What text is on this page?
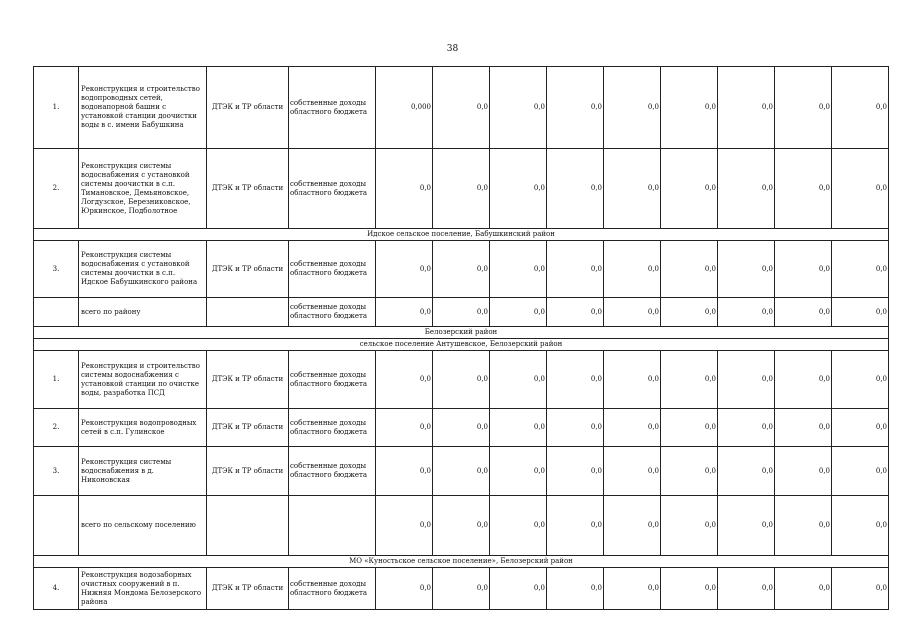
38
1.	Реконструкция и строительство водопроводных сетей, водонапорной башни с установкой станции доочистки воды в с. имени Бабушкина	ДТЭК и ТР области	собственные доходы областного бюджета	0,000	0,0	0,0	0,0	0,0	0,0	0,0	0,0	0,0
2.	Реконструкция системы водоснабжения с установкой системы доочистки в с.п. Тимановское, Демьяновское, Логдузское, Березниковское, Юркинское, Подболотное	ДТЭК и ТР области	собственные доходы областного бюджета	0,0	0,0	0,0	0,0	0,0	0,0	0,0	0,0	0,0
Идское сельское поселение, Бабушкинский район												
3.	Реконструкция системы водоснабжения с установкой системы доочистки в с.п. Идское Бабушкинского района	ДТЭК и ТР области	собственные доходы областного бюджета	0,0	0,0	0,0	0,0	0,0	0,0	0,0	0,0	0,0
	всего по району		собственные доходы областного бюджета	0,0	0,0	0,0	0,0	0,0	0,0	0,0	0,0	0,0
Белозерский район												
сельское поселение Антушевское, Белозерский район												
1.	Реконструкция и строительство системы водоснабжения с установкой станции по очистке воды, разработка ПСД	ДТЭК и ТР области	собственные доходы областного бюджета	0,0	0,0	0,0	0,0	0,0	0,0	0,0	0,0	0,0
2.	Реконструкция водопроводных сетей в с.п. Гулинское	ДТЭК и ТР области	собственные доходы областного бюджета	0,0	0,0	0,0	0,0	0,0	0,0	0,0	0,0	0,0
3.	Реконструкция системы водоснабжения в д. Никоновская	ДТЭК и ТР области	собственные доходы областного бюджета	0,0	0,0	0,0	0,0	0,0	0,0	0,0	0,0	0,0
	всего по сельскому поселению			0,0	0,0	0,0	0,0	0,0	0,0	0,0	0,0	0,0
МО «Куностьское сельское поселение», Белозерский район												
4.	Реконструкция водозаборных очистных сооружений в п. Нижняя Мондома Белозерского района	ДТЭК и ТР области	собственные доходы областного бюджета	0,0	0,0	0,0	0,0	0,0	0,0	0,0	0,0	0,0
